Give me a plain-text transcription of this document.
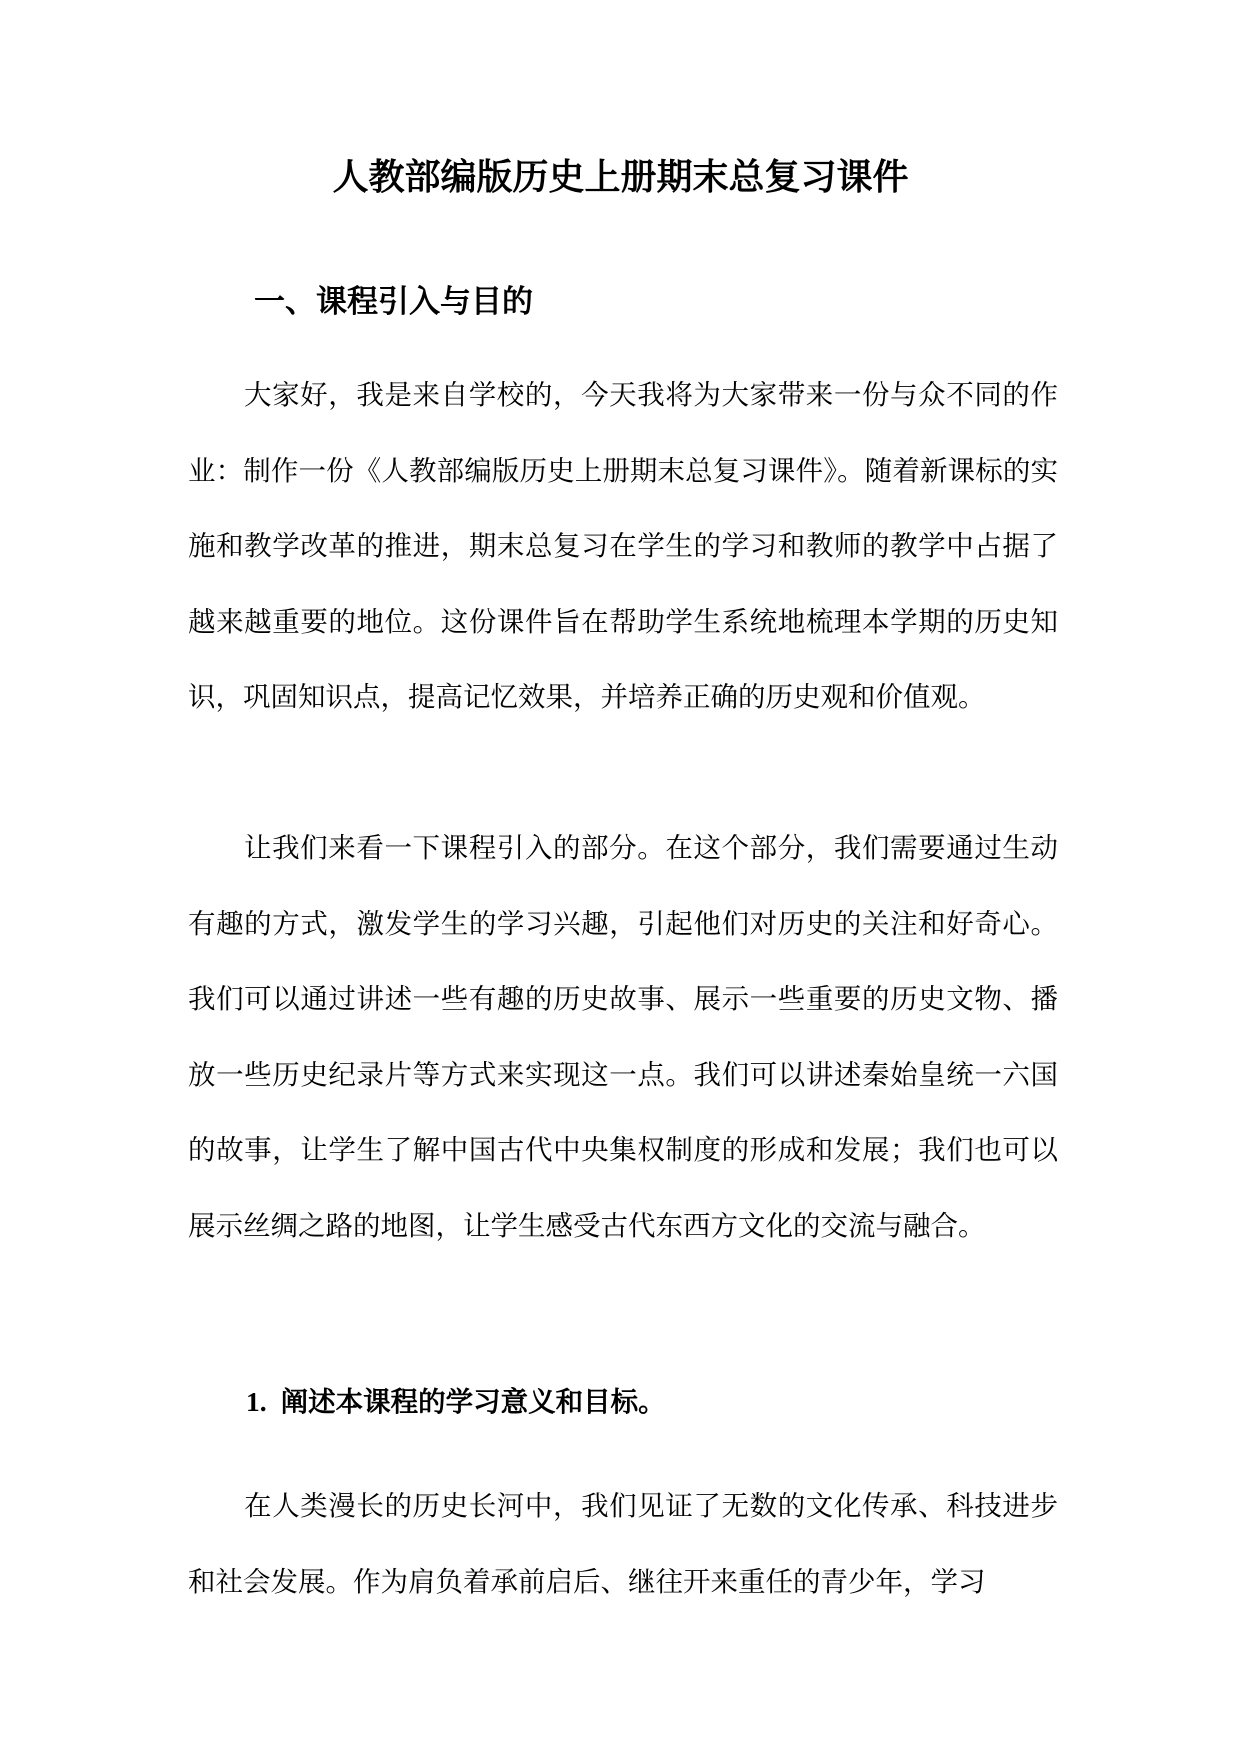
人教部编版历史上册期末总复习课件
一、课程引入与目的

大家好，我是来自学校的，今天我将为大家带来一份与众不同的作业：制作一份《人教部编版历史上册期末总复习课件》。随着新课标的实施和教学改革的推进，期末总复习在学生的学习和教师的教学中占据了越来越重要的地位。这份课件旨在帮助学生系统地梳理本学期的历史知识，巩固知识点，提高记忆效果，并培养正确的历史观和价值观。

让我们来看一下课程引入的部分。在这个部分，我们需要通过生动有趣的方式，激发学生的学习兴趣，引起他们对历史的关注和好奇心。我们可以通过讲述一些有趣的历史故事、展示一些重要的历史文物、播放一些历史纪录片等方式来实现这一点。我们可以讲述秦始皇统一六国的故事，让学生了解中国古代中央集权制度的形成和发展；我们也可以展示丝绸之路的地图，让学生感受古代东西方文化的交流与融合。

1. 阐述本课程的学习意义和目标。

在人类漫长的历史长河中，我们见证了无数的文化传承、科技进步和社会发展。作为肩负着承前启后、继往开来重任的青少年，学习
